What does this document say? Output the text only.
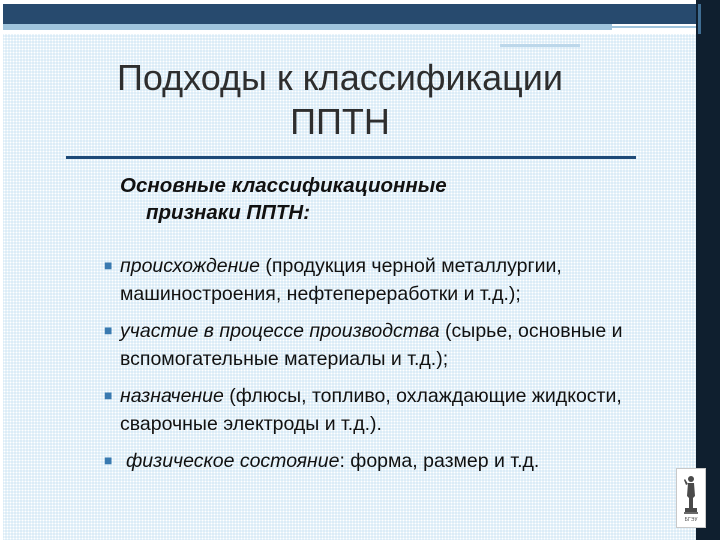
Подходы к классификации
ППТН
Основные классификационные
признаки ППТН:
■ происхождение (продукция черной металлургии, машиностроения, нефтепереработки и т.д.);
■ участие в процессе производства (сырье, основные и вспомогательные материалы и т.д.);
■ назначение (флюсы, топливо, охлаждающие жидкости, сварочные электроды и т.д.).
■ физическое состояние: форма, размер и т.д.
БГЭУ
